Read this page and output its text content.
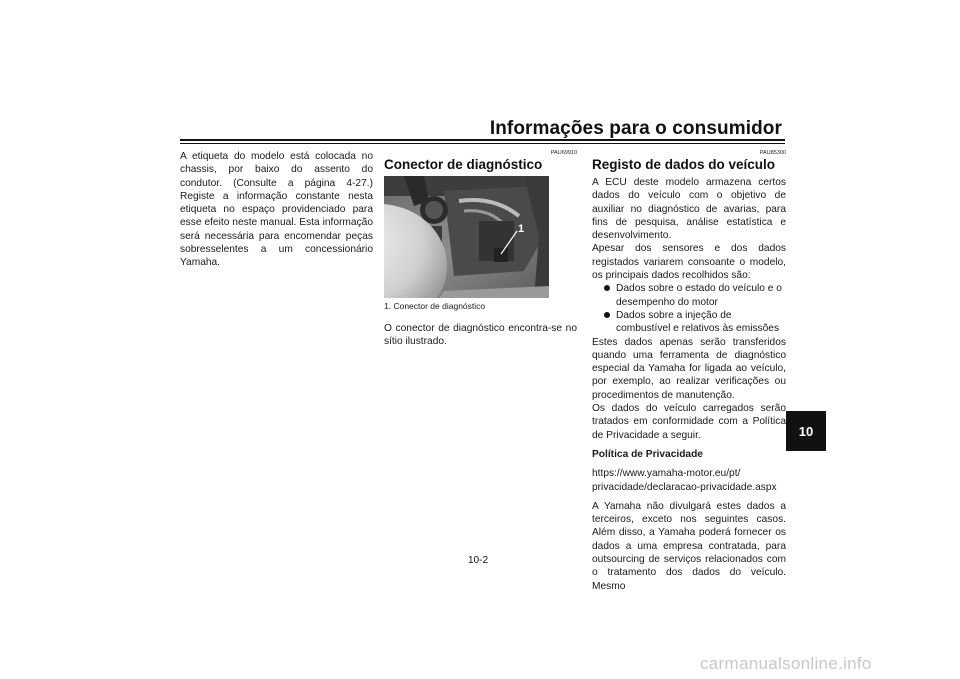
Informações para o consumidor

A etiqueta do modelo está colocada no chassis, por baixo do assento do condutor. (Consulte a página 4-27.) Registe a informação constante nesta etiqueta no espaço providenciado para esse efeito neste manual. Esta informação será necessária para encomendar peças sobresselentes a um concessionário Yamaha.

PAU69910
Conector de diagnóstico
1
1. Conector de diagnóstico

O conector de diagnóstico encontra-se no sítio ilustrado.

PAU85300
Registo de dados do veículo

A ECU deste modelo armazena certos dados do veículo com o objetivo de auxiliar no diagnóstico de avarias, para fins de pesquisa, análise estatística e desenvolvimento.

Apesar dos sensores e dos dados registados variarem consoante o modelo, os principais dados recolhidos são:

Dados sobre o estado do veículo e o desempenho do motor
Dados sobre a injeção de combustível e relativos às emissões

Estes dados apenas serão transferidos quando uma ferramenta de diagnóstico especial da Yamaha for ligada ao veículo, por exemplo, ao realizar verificações ou procedimentos de manutenção.

Os dados do veículo carregados serão tratados em conformidade com a Política de Privacidade a seguir.

Política de Privacidade

https://www.yamaha-motor.eu/pt/

privacidade/declaracao-privacidade.aspx

A Yamaha não divulgará estes dados a terceiros, exceto nos seguintes casos. Além disso, a Yamaha poderá fornecer os dados a uma empresa contratada, para outsourcing de serviços relacionados com o tratamento dos dados do veículo. Mesmo

10
10-2
carmanualsonline.info
